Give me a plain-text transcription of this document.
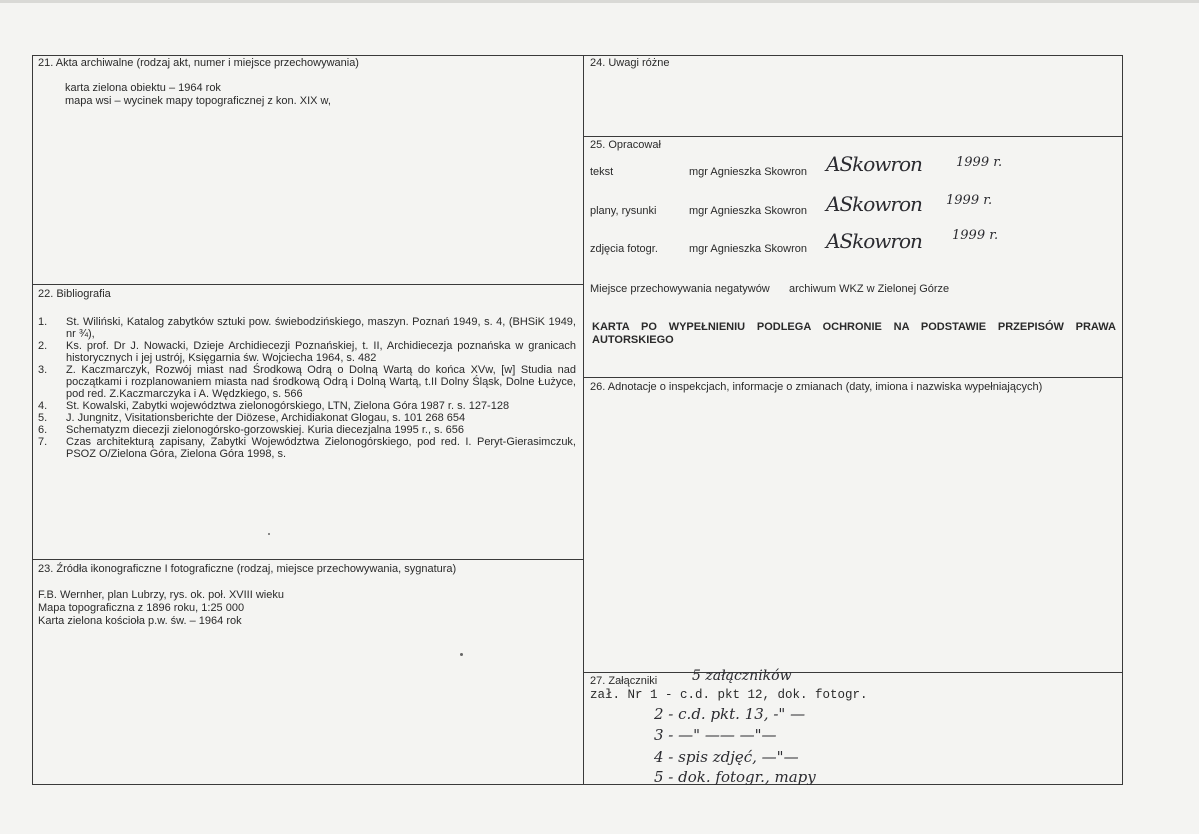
21. Akta archiwalne (rodzaj akt, numer i miejsce przechowywania)
karta zielona obiektu – 1964 rok
mapa wsi – wycinek mapy topograficznej z kon. XIX w,
22. Bibliografia
1. St. Wiliński, Katalog zabytków sztuki pow. świebodzińskiego, maszyn. Poznań 1949, s. 4, (BHSiK 1949, nr ¾),
2. Ks. prof. Dr J. Nowacki, Dzieje Archidiecezji Poznańskiej, t. II, Archidiecezja poznańska w granicach historycznych i jej ustrój, Księgarnia św. Wojciecha 1964, s. 482
3. Z. Kaczmarczyk, Rozwój miast nad Środkową Odrą o Dolną Wartą do końca XVw, [w] Studia nad początkami i rozplanowaniem miasta nad środkową Odrą i Dolną Wartą, t.II Dolny Śląsk, Dolne Łużyce, pod red. Z.Kaczmarczyka i A. Wędzkiego, s. 566
4. St. Kowalski, Zabytki województwa zielonogórskiego, LTN, Zielona Góra 1987 r. s. 127-128
5. J. Jungnitz, Visitationsberichte der Diözese, Archidiakonat Glogau, s. 101 268 654
6. Schematyzm diecezji zielonogórsko-gorzowskiej. Kuria diecezjalna 1995 r., s. 656
7. Czas architekturą zapisany, Zabytki Województwa Zielonogórskiego, pod red. I. Peryt-Gierasimczuk, PSOZ O/Zielona Góra, Zielona Góra 1998, s.
23. Źródła ikonograficzne I fotograficzne (rodzaj, miejsce przechowywania, sygnatura)
F.B. Wernher, plan Lubrzy, rys. ok. poł. XVIII wieku
Mapa topograficzna z 1896 roku, 1:25 000
Karta zielona kościoła p.w. św. – 1964 rok
24. Uwagi różne
25. Opracował
tekst	mgr Agnieszka Skowron ASkowron	1999 r.
plany, rysunki	mgr Agnieszka Skowron ASkowron 1999 r.
zdjęcia fotogr.	mgr Agnieszka Skowron ASkowron 1999 r.
Miejsce przechowywania negatywów archiwum WKZ w Zielonej Górze
KARTA PO WYPEŁNIENIU PODLEGA OCHRONIE NA PODSTAWIE PRZEPISÓW PRAWA AUTORSKIEGO
26. Adnotacje o inspekcjach, informacje o zmianach (daty, imiona i nazwiska wypełniających)
27. Załączniki 5 załączników
zał. Nr 1 - c.d. pkt 12, dok. fotogr.
2 - c.d. pkt. 13, -" —
3 - —" —— —"—
4 - spis zdjęć, —"—
5 - dok. fotogr., mapy
